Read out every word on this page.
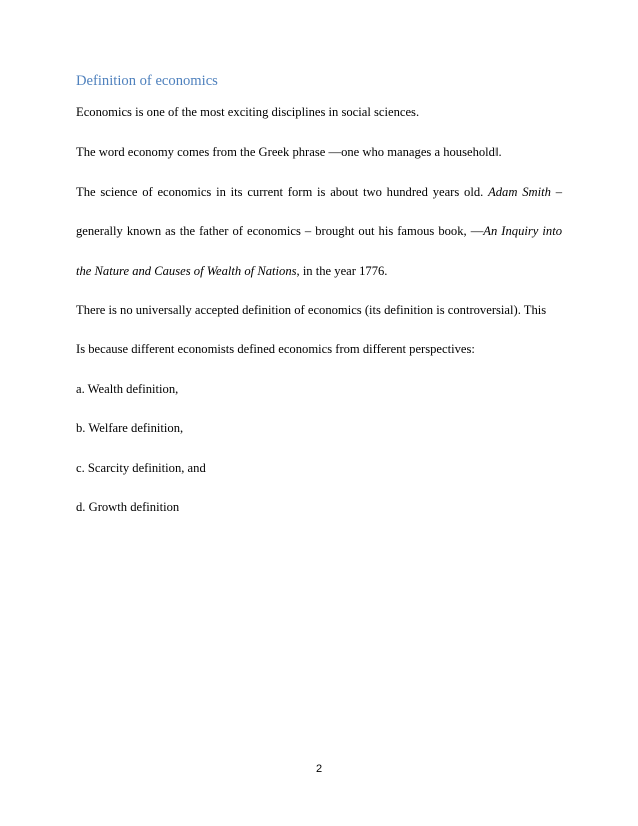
Definition of economics
Economics is one of the most exciting disciplines in social sciences.
The word economy comes from the Greek phrase ―one who manages a household‖.
The science of economics in its current form is about two hundred years old. Adam Smith –
generally known as the father of economics – brought out his famous book, ―An Inquiry into
the Nature and Causes of Wealth of Nations, in the year 1776.
There is no universally accepted definition of economics (its definition is controversial). This
Is because different economists defined economics from different perspectives:
a. Wealth definition,
b. Welfare definition,
c. Scarcity definition, and
d. Growth definition
2
